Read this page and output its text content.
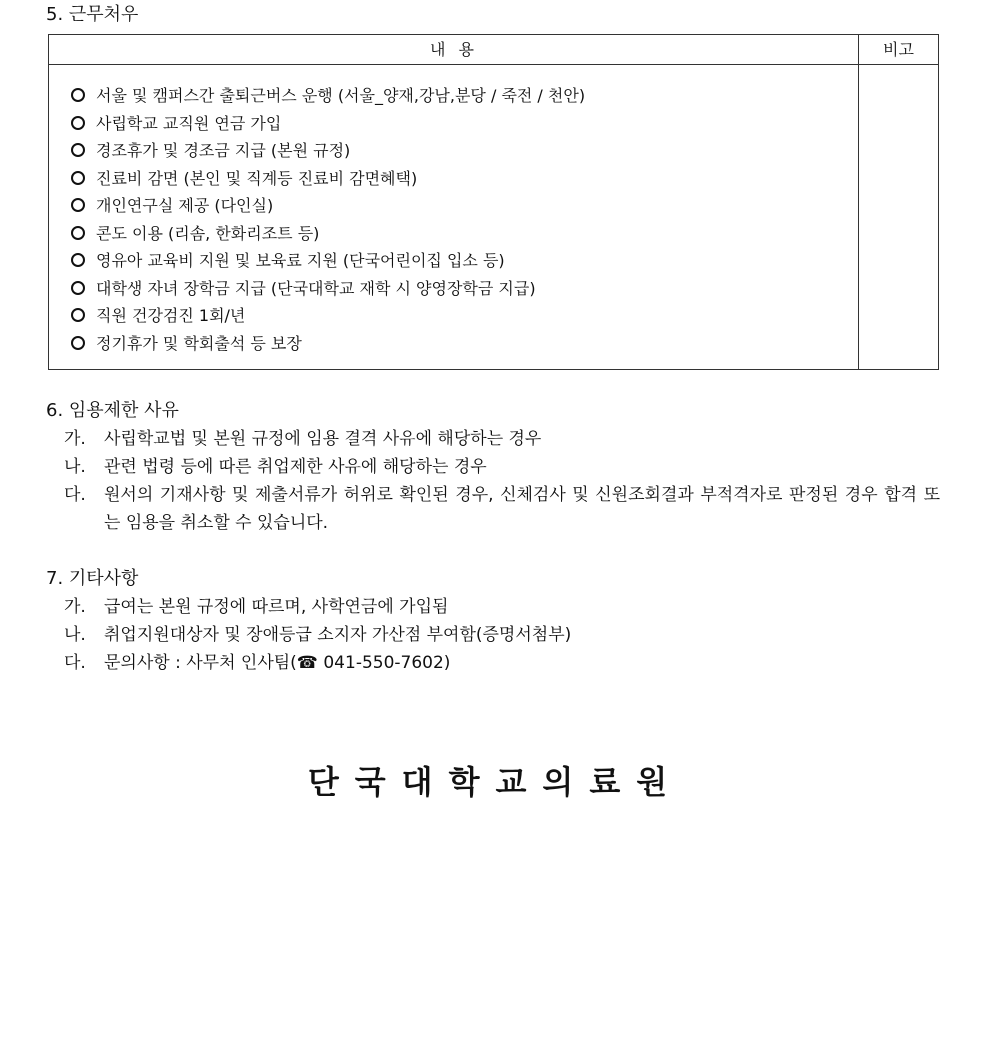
5. 근무처우
내 용	비고
서울 및 캠퍼스간 출퇴근버스 운행 (서울_양재,강남,분당 / 죽전 / 천안)
사립학교 교직원 연금 가입
경조휴가 및 경조금 지급 (본원 규정)
진료비 감면 (본인 및 직계등 진료비 감면혜택)
개인연구실 제공 (다인실)
콘도 이용 (리솜, 한화리조트 등)
영유아 교육비 지원 및 보육료 지원 (단국어린이집 입소 등)
대학생 자녀 장학금 지급 (단국대학교 재학 시 양영장학금 지급)
직원 건강검진 1회/년
정기휴가 및 학회출석 등 보장
6. 임용제한 사유
가. 사립학교법 및 본원 규정에 임용 결격 사유에 해당하는 경우
나. 관련 법령 등에 따른 취업제한 사유에 해당하는 경우
다. 원서의 기재사항 및 제출서류가 허위로 확인된 경우, 신체검사 및 신원조회결과 부적격자로 판정된 경우 합격 또는 임용을 취소할 수 있습니다.
7. 기타사항
가. 급여는 본원 규정에 따르며, 사학연금에 가입됨
나. 취업지원대상자 및 장애등급 소지자 가산점 부여함(증명서첨부)
다. 문의사항 : 사무처 인사팀(☎ 041-550-7602)
단국대학교의료원
